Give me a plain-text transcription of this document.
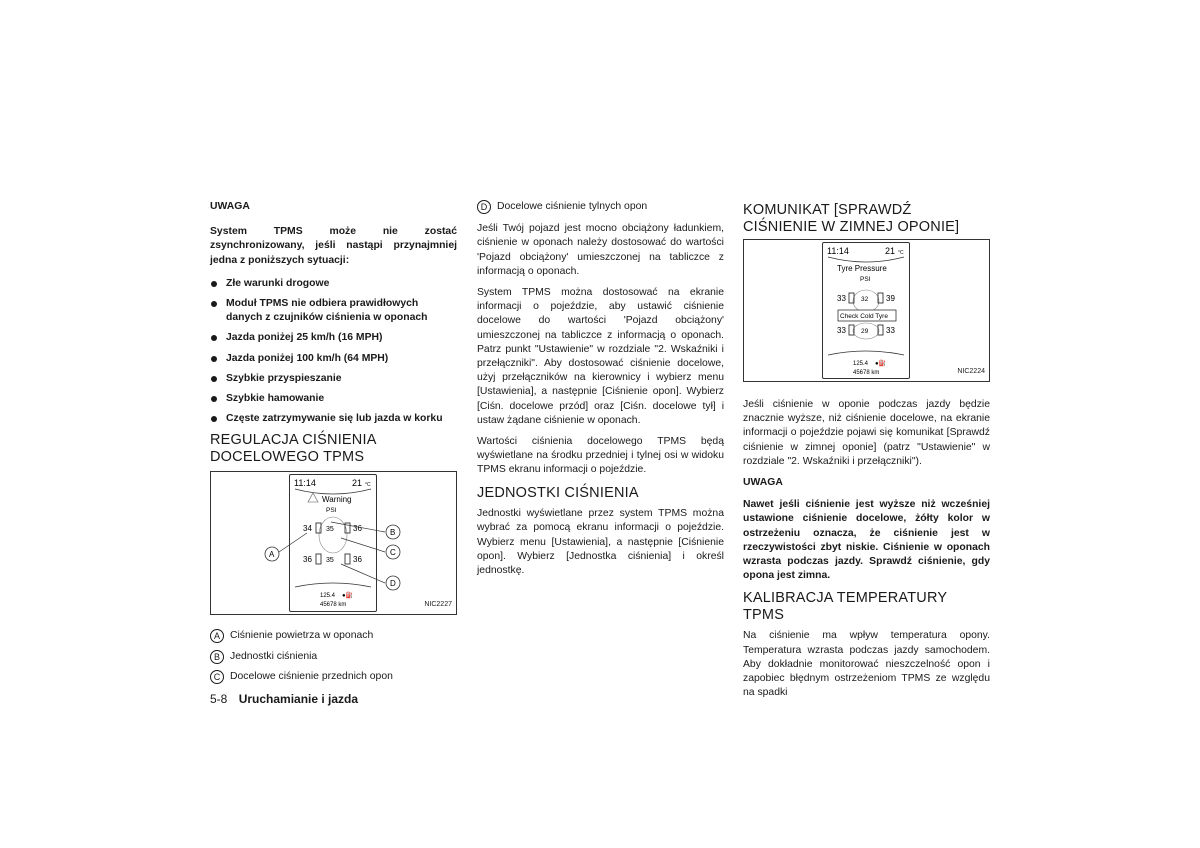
UWAGA

System TPMS może nie zostać zsynchronizowany, jeśli nastąpi przynajmniej jedna z poniższych sytuacji:

Złe warunki drogowe
Moduł TPMS nie odbiera prawidłowych danych z czujników ciśnienia w oponach
Jazda poniżej 25 km/h (16 MPH)
Jazda poniżej 100 km/h (64 MPH)
Szybkie przyspieszanie
Szybkie hamowanie
Częste zatrzymywanie się lub jazda w korku
REGULACJA CIŚNIENIA DOCELOWEGO TPMS
11:14	21 °C
Warning
PSI
34 35 36
36 35 36
125.4 ●⛽
45678 km
A
B
C
D
NIC2227
A Ciśnienie powietrza w oponach
B Jednostki ciśnienia
C Docelowe ciśnienie przednich opon
D Docelowe ciśnienie tylnych opon

Jeśli Twój pojazd jest mocno obciążony ładunkiem, ciśnienie w oponach należy dostosować do wartości 'Pojazd obciążony' umieszczonej na tabliczce z informacją o oponach.

System TPMS można dostosować na ekranie informacji o pojeździe, aby ustawić ciśnienie docelowe do wartości 'Pojazd obciążony' umieszczonej na tabliczce z informacją o oponach. Patrz punkt "Ustawienie" w rozdziale "2. Wskaźniki i przełączniki". Aby dostosować ciśnienie docelowe, użyj przełączników na kierownicy i wybierz menu [Ustawienia], a następnie [Ciśnienie opon]. Wybierz [Ciśn. docelowe przód] oraz [Ciśn. docelowe tył] i ustaw żądane ciśnienie w oponach.

Wartości ciśnienia docelowego TPMS będą wyświetlane na środku przedniej i tylnej osi w widoku TPMS ekranu informacji o pojeździe.

JEDNOSTKI CIŚNIENIA

Jednostki wyświetlane przez system TPMS można wybrać za pomocą ekranu informacji o pojeździe. Wybierz menu [Ustawienia], a następnie [Ciśnienie opon]. Wybierz [Jednostka ciśnienia] i określ jednostkę.

KOMUNIKAT [SPRAWDŹ CIŚNIENIE W ZIMNEJ OPONIE]
11:14	21 °C
Tyre Pressure
PSI
33 32 39
Check Cold Tyre
33 29 33
125.4 ●⛽
45678 km	NIC2224

Jeśli ciśnienie w oponie podczas jazdy będzie znacznie wyższe, niż ciśnienie docelowe, na ekranie informacji o pojeździe pojawi się komunikat [Sprawdź ciśnienie w zimnej oponie] (patrz "Ustawienie" w rozdziale "2. Wskaźniki i przełączniki").

UWAGA

Nawet jeśli ciśnienie jest wyższe niż wcześniej ustawione ciśnienie docelowe, żółty kolor w ostrzeżeniu oznacza, że ciśnienie jest w rzeczywistości zbyt niskie. Ciśnienie w oponach wzrasta podczas jazdy. Sprawdź ciśnienie, gdy opona jest zimna.

KALIBRACJA TEMPERATURY TPMS

Na ciśnienie ma wpływ temperatura opony. Temperatura wzrasta podczas jazdy samochodem. Aby dokładnie monitorować nieszczelność opon i zapobiec błędnym ostrzeżeniom TPMS ze względu na spadki

5-8 Uruchamianie i jazda
